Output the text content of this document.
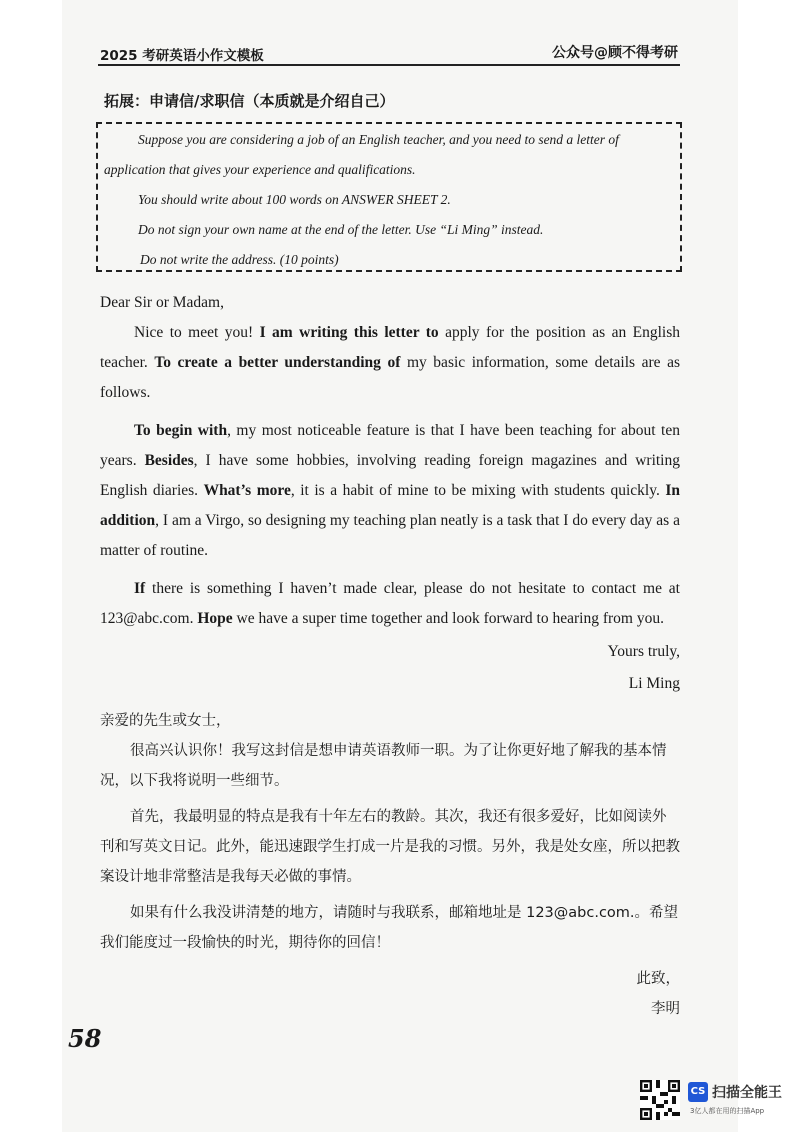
2025 考研英语小作文模板	公众号@顾不得考研
拓展：申请信/求职信（本质就是介绍自己）
Suppose you are considering a job of an English teacher, and you need to send a letter of
application that gives your experience and qualifications.
You should write about 100 words on ANSWER SHEET 2.
Do not sign your own name at the end of the letter. Use “Li Ming” instead.
Do not write the address. (10 points)

Dear Sir or Madam,

Nice to meet you! I am writing this letter to apply for the position as an English teacher. To create a better understanding of my basic information, some details are as follows.

To begin with, my most noticeable feature is that I have been teaching for about ten years. Besides, I have some hobbies, involving reading foreign magazines and writing English diaries. What’s more, it is a habit of mine to be mixing with students quickly. In addition, I am a Virgo, so designing my teaching plan neatly is a task that I do every day as a matter of routine.

If there is something I haven’t made clear, please do not hesitate to contact me at 123@abc.com. Hope we have a super time together and look forward to hearing from you.

Yours truly,
Li Ming

亲爱的先生或女士，

很高兴认识你！我写这封信是想申请英语教师一职。为了让你更好地了解我的基本情况，以下我将说明一些细节。

首先，我最明显的特点是我有十年左右的教龄。其次，我还有很多爱好，比如阅读外刊和写英文日记。此外，能迅速跟学生打成一片是我的习惯。另外，我是处女座，所以把教案设计地非常整洁是我每天必做的事情。

如果有什么我没讲清楚的地方，请随时与我联系，邮箱地址是 123@abc.com.。希望我们能度过一段愉快的时光，期待你的回信！

此致，
李明
58
CS 扫描全能王
3亿人都在用的扫描App
